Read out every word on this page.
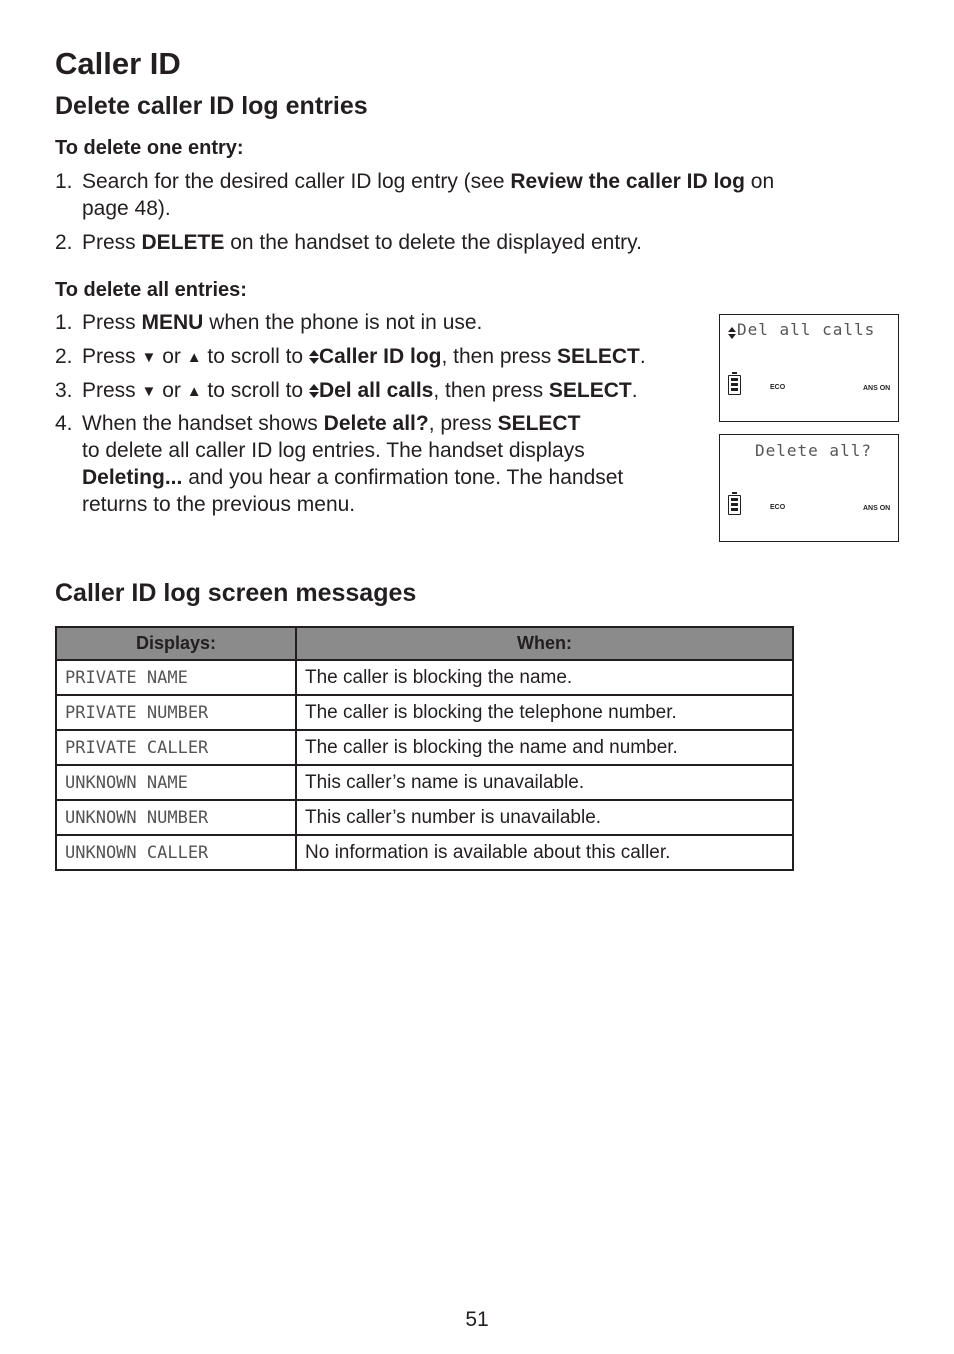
Caller ID
Delete caller ID log entries

To delete one entry:

1. Search for the desired caller ID log entry (see Review the caller ID log on
page 48).
2. Press DELETE on the handset to delete the displayed entry.

To delete all entries:

1. Press MENU when the phone is not in use.
2. Press ▼ or ▲ to scroll to Caller ID log, then press SELECT.
3. Press ▼ or ▲ to scroll to Del all calls, then press SELECT.
4. When the handset shows Delete all?, press SELECT
to delete all caller ID log entries. The handset displays
Deleting... and you hear a confirmation tone. The handset
returns to the previous menu.
Del all calls
ECO	ANS ON
Delete all?
ECO	ANS ON
Caller ID log screen messages
Displays:	When:
PRIVATE NAME	The caller is blocking the name.
PRIVATE NUMBER	The caller is blocking the telephone number.
PRIVATE CALLER	The caller is blocking the name and number.
UNKNOWN NAME	This caller’s name is unavailable.
UNKNOWN NUMBER	This caller’s number is unavailable.
UNKNOWN CALLER	No information is available about this caller.
51
